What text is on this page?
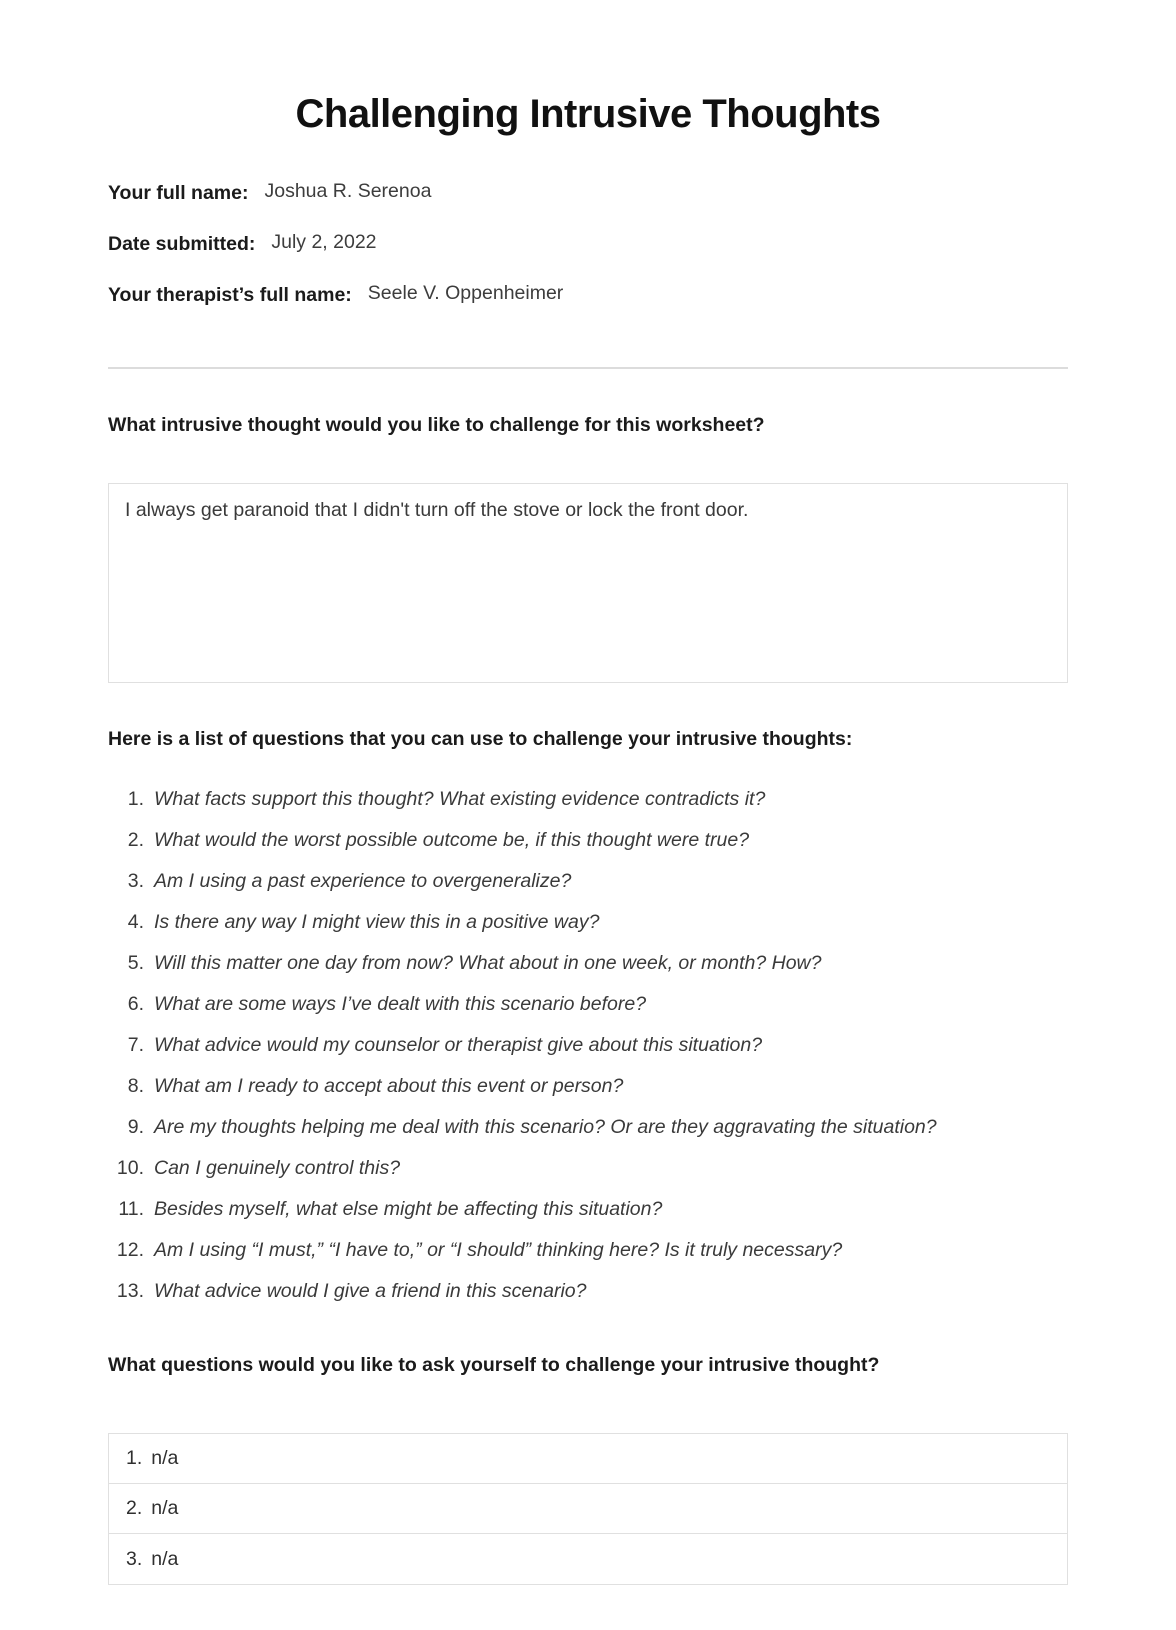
Challenging Intrusive Thoughts
Your full name: Joshua R. Serenoa
Date submitted: July 2, 2022
Your therapist’s full name: Seele V. Oppenheimer
What intrusive thought would you like to challenge for this worksheet?
I always get paranoid that I didn't turn off the stove or lock the front door.
Here is a list of questions that you can use to challenge your intrusive thoughts:
What facts support this thought? What existing evidence contradicts it?
What would the worst possible outcome be, if this thought were true?
Am I using a past experience to overgeneralize?
Is there any way I might view this in a positive way?
Will this matter one day from now? What about in one week, or month? How?
What are some ways I’ve dealt with this scenario before?
What advice would my counselor or therapist give about this situation?
What am I ready to accept about this event or person?
Are my thoughts helping me deal with this scenario? Or are they aggravating the situation?
Can I genuinely control this?
Besides myself, what else might be affecting this situation?
Am I using “I must,” “I have to,” or “I should” thinking here? Is it truly necessary?
What advice would I give a friend in this scenario?
What questions would you like to ask yourself to challenge your intrusive thought?
n/a
n/a
n/a
